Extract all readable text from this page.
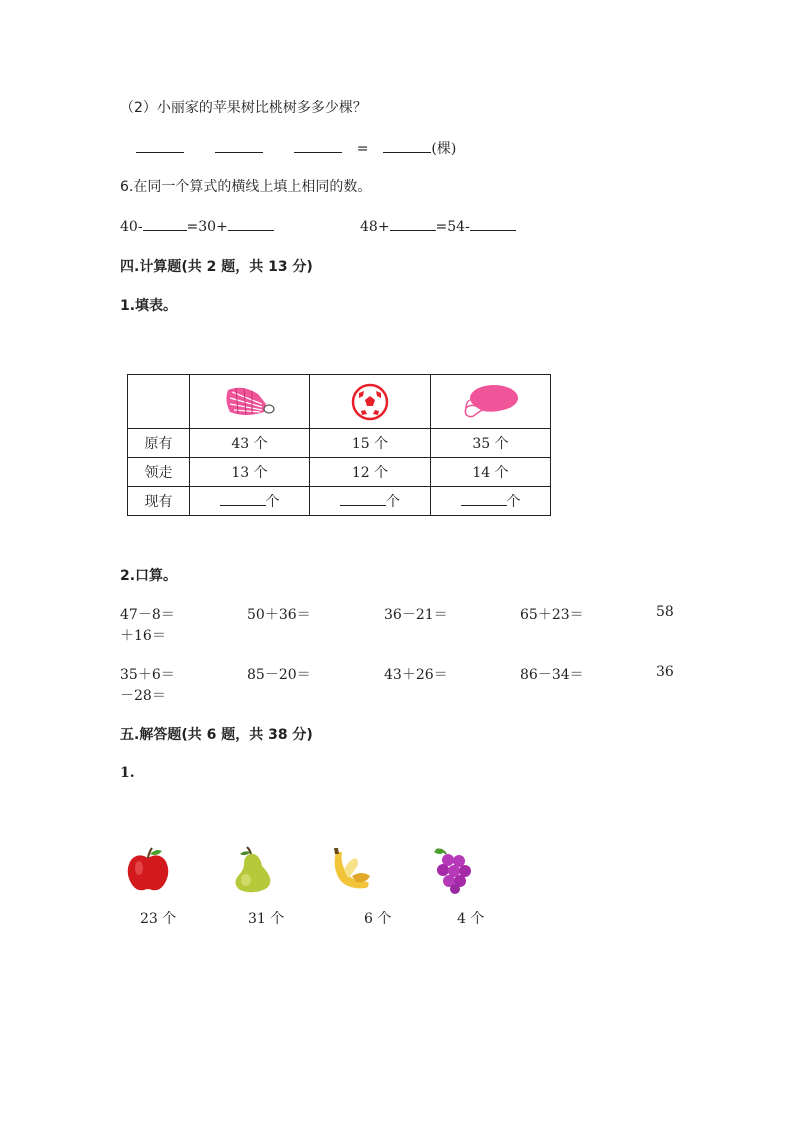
（2）小丽家的苹果树比桃树多多少棵？
=	(棵)
6.在同一个算式的横线上填上相同的数。
40-	=30+	48+	=54-
四.计算题(共 2 题，共 13 分)
1.填表。

原有	43 个	15 个	35 个
领走	13 个	12 个	14 个
现有	个	个	个
2.口算。
47－8＝	50＋36＝	36－21＝	65＋23＝	58
＋16＝
35＋6＝	85－20＝	43＋26＝	86－34＝	36
－28＝
五.解答题(共 6 题，共 38 分)
1.
23 个	31 个	6 个	4 个
